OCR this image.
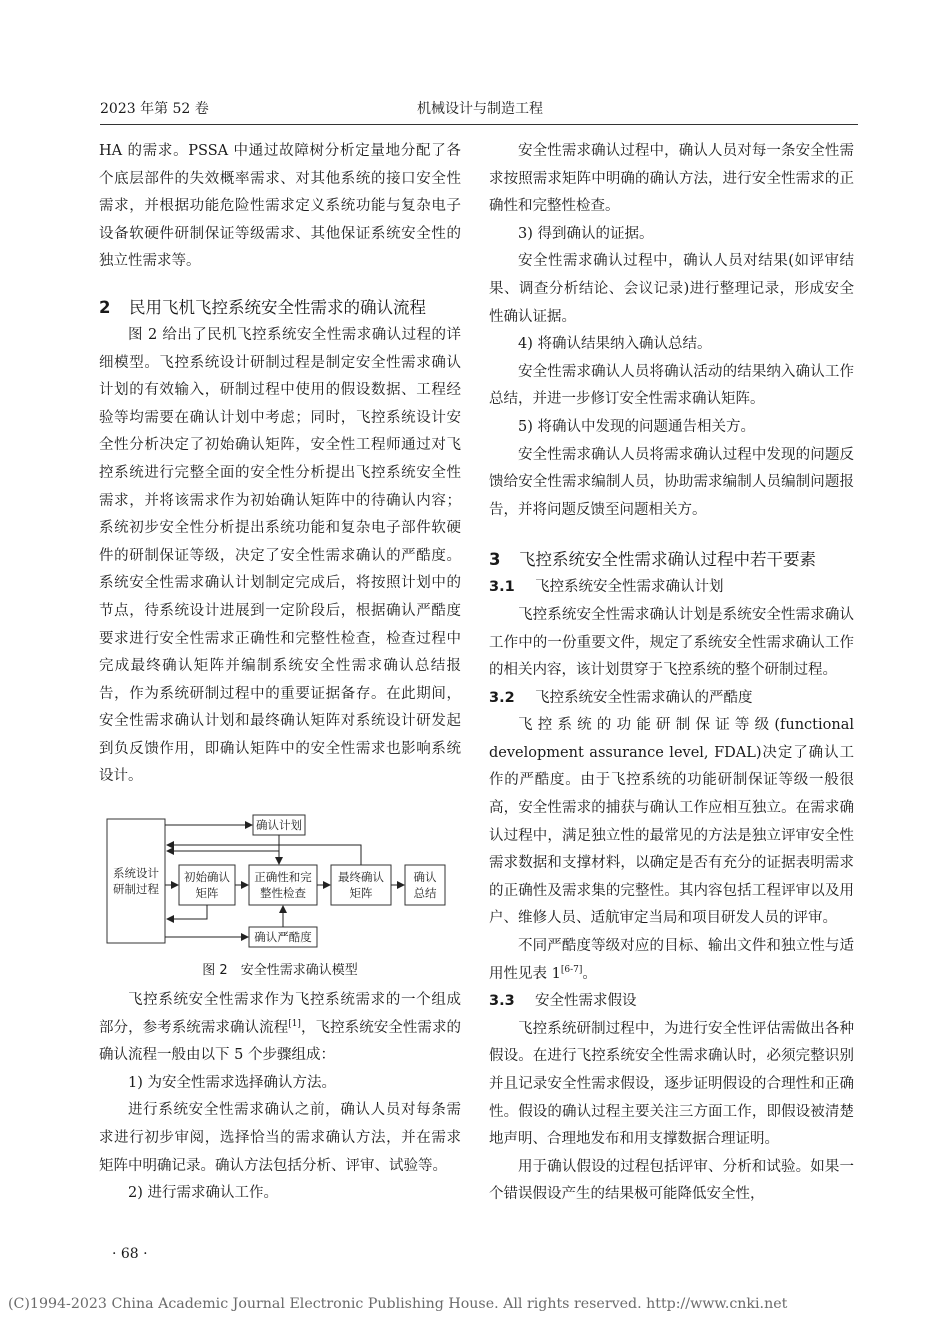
2023 年第 52 卷	机械设计与制造工程

HA 的需求。PSSA 中通过故障树分析定量地分配了各个底层部件的失效概率需求、对其他系统的接口安全性需求，并根据功能危险性需求定义系统功能与复杂电子设备软硬件研制保证等级需求、其他保证系统安全性的独立性需求等。

2	民用飞机飞控系统安全性需求的确认流程

图 2 给出了民机飞控系统安全性需求确认过程的详细模型。飞控系统设计研制过程是制定安全性需求确认计划的有效输入，研制过程中使用的假设数据、工程经验等均需要在确认计划中考虑；同时，飞控系统设计安全性分析决定了初始确认矩阵，安全性工程师通过对飞控系统进行完整全面的安全性分析提出飞控系统安全性需求，并将该需求作为初始确认矩阵中的待确认内容；系统初步安全性分析提出系统功能和复杂电子部件软硬件的研制保证等级，决定了安全性需求确认的严酷度。系统安全性需求确认计划制定完成后，将按照计划中的节点，待系统设计进展到一定阶段后，根据确认严酷度要求进行安全性需求正确性和完整性检查，检查过程中完成最终确认矩阵并编制系统安全性需求确认总结报告，作为系统研制过程中的重要证据备存。在此期间，安全性需求确认计划和最终确认矩阵对系统设计研发起到负反馈作用，即确认矩阵中的安全性需求也影响系统设计。

系统设计
研制过程
确认计划
初始确认
矩阵
正确性和完
整性检查
最终确认
矩阵
确认
总结
确认严酷度
图 2　安全性需求确认模型

飞控系统安全性需求作为飞控系统需求的一个组成部分，参考系统需求确认流程[1]，飞控系统安全性需求的确认流程一般由以下 5 个步骤组成：

1) 为安全性需求选择确认方法。

进行系统安全性需求确认之前，确认人员对每条需求进行初步审阅，选择恰当的需求确认方法，并在需求矩阵中明确记录。确认方法包括分析、评审、试验等。

2) 进行需求确认工作。

安全性需求确认过程中，确认人员对每一条安全性需求按照需求矩阵中明确的确认方法，进行安全性需求的正确性和完整性检查。

3) 得到确认的证据。

安全性需求确认过程中，确认人员对结果(如评审结果、调查分析结论、会议记录)进行整理记录，形成安全性确认证据。

4) 将确认结果纳入确认总结。

安全性需求确认人员将确认活动的结果纳入确认工作总结，并进一步修订安全性需求确认矩阵。

5) 将确认中发现的问题通告相关方。

安全性需求确认人员将需求确认过程中发现的问题反馈给安全性需求编制人员，协助需求编制人员编制问题报告，并将问题反馈至问题相关方。

3	飞控系统安全性需求确认过程中若干要素
3.1	飞控系统安全性需求确认计划

飞控系统安全性需求确认计划是系统安全性需求确认工作中的一份重要文件，规定了系统安全性需求确认工作的相关内容，该计划贯穿于飞控系统的整个研制过程。

3.2	飞控系统安全性需求确认的严酷度

飞控系统的功能研制保证等级(functional development assurance level, FDAL)决定了确认工作的严酷度。由于飞控系统的功能研制保证等级一般很高，安全性需求的捕获与确认工作应相互独立。在需求确认过程中，满足独立性的最常见的方法是独立评审安全性需求数据和支撑材料，以确定是否有充分的证据表明需求的正确性及需求集的完整性。其内容包括工程评审以及用户、维修人员、适航审定当局和项目研发人员的评审。

不同严酷度等级对应的目标、输出文件和独立性与适用性见表 1[6-7]。

3.3	安全性需求假设

飞控系统研制过程中，为进行安全性评估需做出各种假设。在进行飞控系统安全性需求确认时，必须完整识别并且记录安全性需求假设，逐步证明假设的合理性和正确性。假设的确认过程主要关注三方面工作，即假设被清楚地声明、合理地发布和用支撑数据合理证明。

用于确认假设的过程包括评审、分析和试验。如果一个错误假设产生的结果极可能降低安全性，

· 68 ·
(C)1994-2023 China Academic Journal Electronic Publishing House. All rights reserved. http://www.cnki.net
